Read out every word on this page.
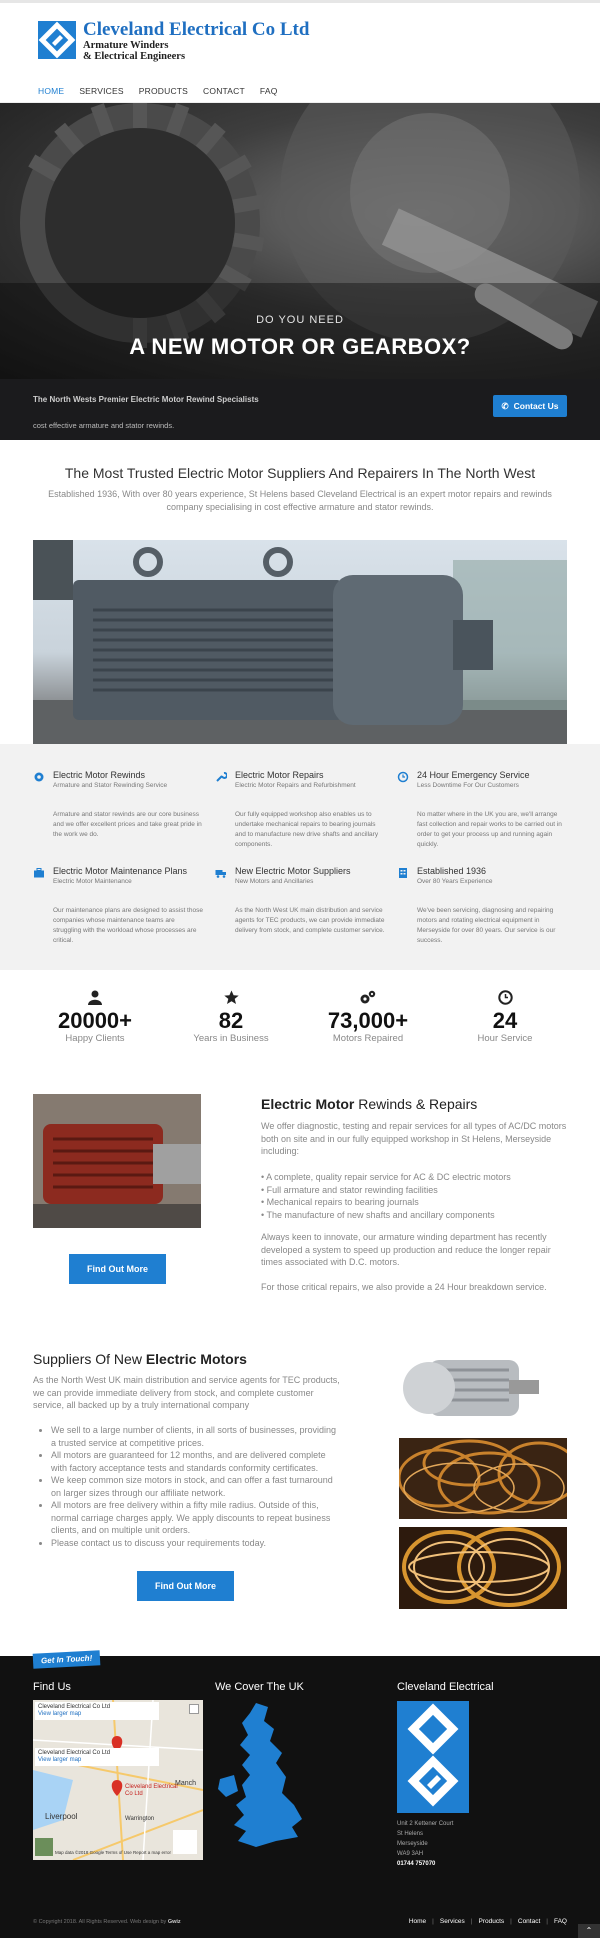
Cleveland Electrical Co Ltd
Armature Winders
& Electrical Engineers
HOME SERVICES PRODUCTS CONTACT FAQ
DO YOU NEED
A NEW MOTOR OR GEARBOX?
The North Wests Premier Electric Motor Rewind Specialists
cost effective armature and stator rewinds.
✆ Contact Us
The Most Trusted Electric Motor Suppliers And Repairers In The North West
Established 1936, With over 80 years experience, St Helens based Cleveland Electrical is an expert motor repairs and rewinds company specialising in cost effective armature and stator rewinds.
Electric Motor Rewinds
Armature and Stator Rewinding Service
Armature and stator rewinds are our core business and we offer excellent prices and take great pride in the work we do.
Electric Motor Repairs
Electric Motor Repairs and Refurbishment
Our fully equipped workshop also enables us to undertake mechanical repairs to bearing journals and to manufacture new drive shafts and ancillary components.
24 Hour Emergency Service
Less Downtime For Our Customers
No matter where in the UK you are, we'll arrange fast collection and repair works to be carried out in order to get your process up and running again quickly.
Electric Motor Maintenance Plans
Electric Motor Maintenance
Our maintenance plans are designed to assist those companies whose maintenance teams are struggling with the workload whose processes are critical.
New Electric Motor Suppliers
New Motors and Ancillaries
As the North West UK main distribution and service agents for TEC products, we can provide immediate delivery from stock, and complete customer service.
Established 1936
Over 80 Years Experience
We've been servicing, diagnosing and repairing motors and rotating electrical equipment in Merseyside for over 80 years. Our service is our success.
20000+
Happy Clients
82
Years in Business
73,000+
Motors Repaired
24
Hour Service
Find Out More
Electric Motor Rewinds & Repairs
We offer diagnostic, testing and repair services for all types of AC/DC motors both on site and in our fully equipped workshop in St Helens, Merseyside including:
• A complete, quality repair service for AC & DC electric motors
• Full armature and stator rewinding facilities
• Mechanical repairs to bearing journals
• The manufacture of new shafts and ancillary components
Always keen to innovate, our armature winding department has recently developed a system to speed up production and reduce the longer repair times associated with D.C. motors.
For those critical repairs, we also provide a 24 Hour breakdown service.
Suppliers Of New Electric Motors
As the North West UK main distribution and service agents for TEC products, we can provide immediate delivery from stock, and complete customer service, all backed up by a truly international company
• We sell to a large number of clients, in all sorts of businesses, providing a trusted service at competitive prices.
• All motors are guaranteed for 12 months, and are delivered complete with factory acceptance tests and standards conformity certificates.
• We keep common size motors in stock, and can offer a fast turnaround on larger sizes through our affiliate network.
• All motors are free delivery within a fifty mile radius. Outside of this, normal carriage charges apply. We apply discounts to repeat business clients, and on multiple unit orders.
• Please contact us to discuss your requirements today.
Find Out More
Get In Touch!
Find Us	We Cover The UK	Cleveland Electrical
Cleveland Electrical Co Ltd
View larger map
Cleveland Electrical Co Ltd
View larger map
Cleveland Electrical Co Ltd
Liverpool	Warrington
Manch
Map data ©2018 Google Terms of Use Report a map error
Unit 2 Kettener Court
St Helens
Merseyside
WA9 3AH
01744 757070
© Copyright 2018. All Rights Reserved. Web design by Gwiz	Home | Services | Products | Contact | FAQ
⌃
